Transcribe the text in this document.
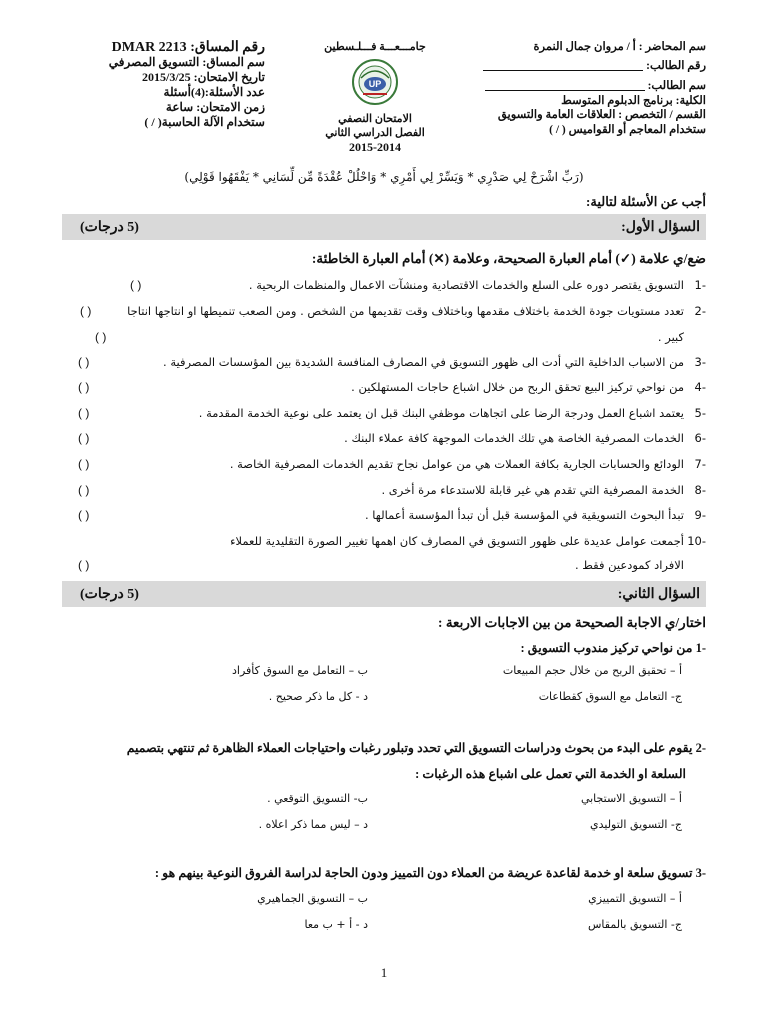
رقم المساق: DMAR 2213
سم المساق: التسويق المصرفي
تاريخ الامتحان: 2015/3/25
عدد الأسئلة:(4)أسئلة
زمن الامتحان: ساعة
ستخدام الآلة الحاسبة( / )
جامـــعـــة فـــلـسطين
UP
الامتحان النصفي
الفصل الدراسي الثاني
2015-2014
سم المحاضر : أ / مروان جمال النمرة
رقم الطالب:
سم الطالب:
الكلية: برنامج الدبلوم المتوسط
القسم / التخصص : العلاقات العامة والتسويق
ستخدام المعاجم أو القواميس ( / )
(رَبِّ اشْرَحْ لِي صَدْرِي * وَيَسِّرْ لِي أَمْرِي * وَاحْلُلْ عُقْدَةً مِّن لِّسَانِي * يَفْقَهُوا قَوْلِي)
أجب عن الأسئلة لتالية:
السؤال الأول:
(5 درجات)
ضع/ي علامة (✓) أمام العبارة الصحيحة، وعلامة (✕) أمام العبارة الخاطئة:
-1
التسويق يقتصر دوره على السلع والخدمات الاقتصادية ومنشآت الاعمال والمنظمات الربحية .
( )
-2
تعدد مستويات جودة الخدمة باختلاف مقدمها وباختلاف وقت تقديمها من الشخص . ومن الصعب تنميطها او انتاجها انتاجا
( )
كبير .
( )
-3
من الاسباب الداخلية التي أدت الى ظهور التسويق في المصارف المنافسة الشديدة بين المؤسسات المصرفية .
( )
-4
من نواحي تركيز البيع تحقق الربح من خلال اشباع حاجات المستهلكين .
( )
-5
يعتمد اشباع العمل ودرجة الرضا على اتجاهات موظفي البنك قبل ان يعتمد على نوعية الخدمة المقدمة .
( )
-6
الخدمات المصرفية الخاصة هي تلك الخدمات الموجهة كافة عملاء البنك .
( )
-7
الودائع والحسابات الجارية بكافة العملات هي من عوامل نجاح تقديم الخدمات المصرفية الخاصة .
( )
-8
الخدمة المصرفية التي تقدم هي غير قابلة للاستدعاء مرة أخرى .
( )
-9
تبدأ البحوث التسويقية في المؤسسة قبل أن تبدأ المؤسسة أعمالها .
( )
-10
أجمعت عوامل عديدة على ظهور التسويق في المصارف كان اهمها تغيير الصورة التقليدية للعملاء
الافراد كمودعين فقط .
( )
السؤال الثاني:
(5 درجات)
اختار/ي الاجابة الصحيحة من بين الاجابات الاربعة :
-1 من نواحي تركيز مندوب التسويق :
أ – تحقيق الربح من خلال حجم المبيعات
ب – التعامل مع السوق كأفراد
ج- التعامل مع السوق كقطاعات
د - كل ما ذكر صحيح .
-2 يقوم على البدء من بحوث ودراسات التسويق التي تحدد وتبلور رغبات واحتياجات العملاء الظاهرة ثم تنتهي بتصميم
السلعة او الخدمة التي تعمل على اشباع هذه الرغبات :
أ – التسويق الاستجابي
ب- التسويق التوقعي .
ج- التسويق التوليدي
د – ليس مما ذكر اعلاه .
-3 تسويق سلعة او خدمة لقاعدة عريضة من العملاء دون التمييز ودون الحاجة لدراسة الفروق النوعية بينهم هو :
أ – التسويق التمييزي
ب – التسويق الجماهيري
ج- التسويق بالمقاس
د - أ + ب معا
1
